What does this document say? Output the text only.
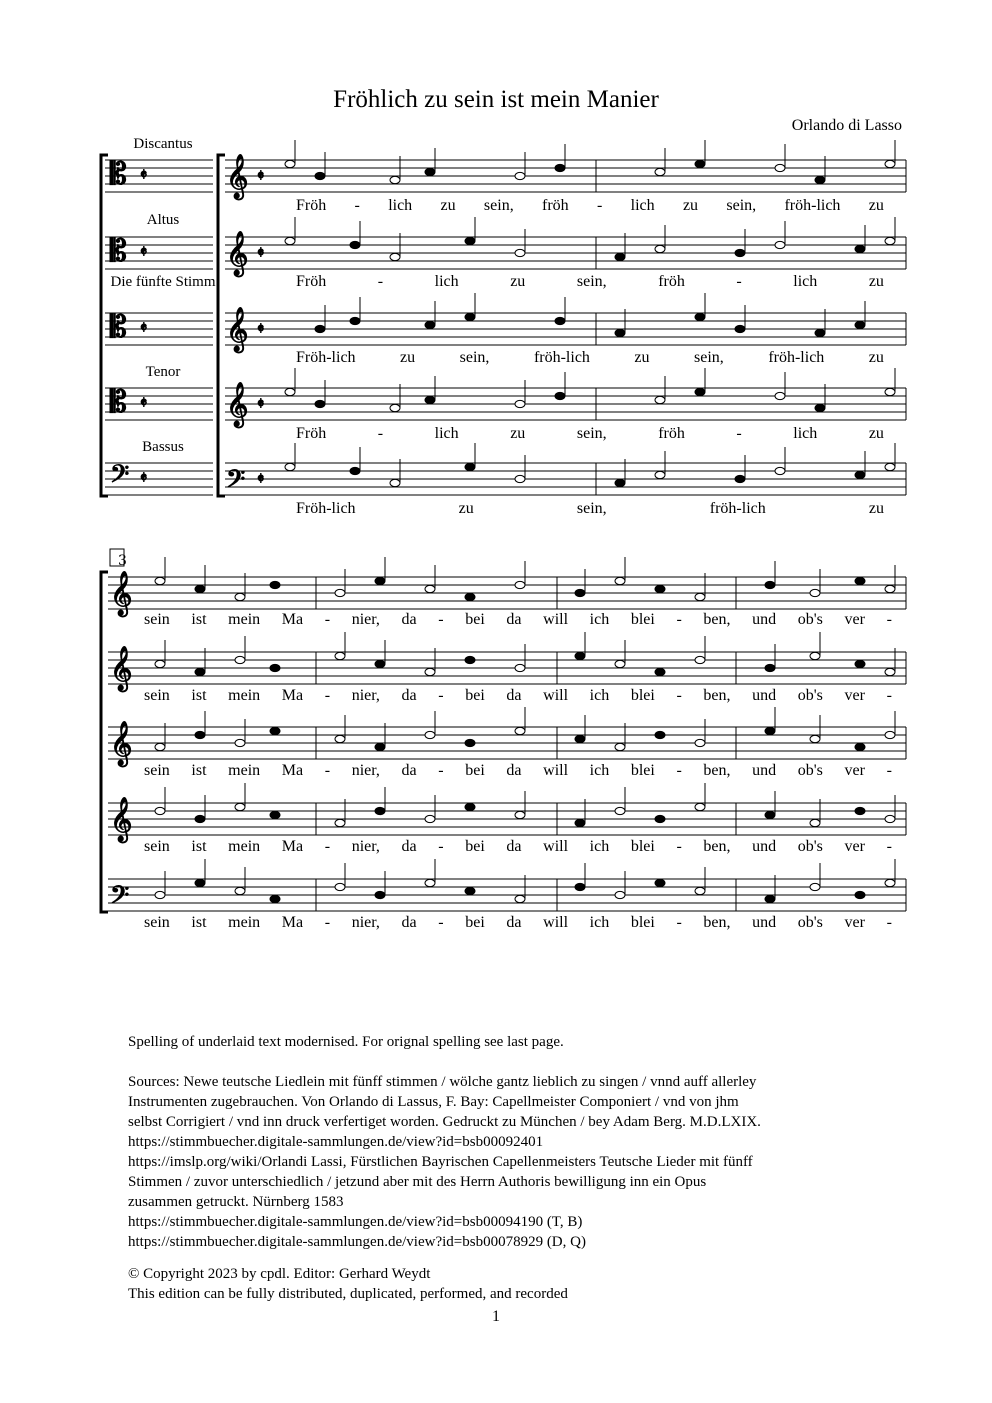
Fröhlich zu sein ist mein Manier
Orlando di Lasso
Discantus
Altus
Die fünfte Stimm
Tenor
Bassus
𝄡 𝄵
𝄡 𝄵
𝄡 𝄵
𝄡 𝄵
𝄢 𝄵
𝄞 𝄵
𝄞 𝄵
𝄞 𝄵
𝄞 𝄵
𝄢 𝄵
𝄞
𝄞
𝄞
𝄞
𝄢
3
Fröh - lich zu sein, fröh - lich zu sein, fröh-lich zu
Fröh	-	lich	zu	sein,	fröh	-	lich	zu
Fröh-lich	zu	sein,	fröh-lich	zu	sein,	fröh-lich	zu
Fröh	-	lich	zu	sein,	fröh	-	lich	zu
Fröh-lich	zu	sein,	fröh-lich	zu
sein ist mein Ma - nier, da - bei da will ich blei - ben, und ob's ver -
sein ist mein Ma - nier, da - bei da will ich blei - ben, und ob's ver -
sein ist mein Ma - nier, da - bei da will ich blei - ben, und ob's ver -
sein ist mein Ma - nier, da - bei da will ich blei - ben, und ob's ver -
sein ist mein Ma - nier, da - bei da will ich blei - ben, und ob's ver -

Spelling of underlaid text modernised. For orignal spelling see last page.

Sources: Newe teutsche Liedlein mit fünff stimmen / wölche gantz lieblich zu singen / vnnd auff allerley

Instrumenten zugebrauchen. Von Orlando di Lassus, F. Bay: Capellmeister Componiert / vnd von jhm

selbst Corrigiert / vnd inn druck verfertiget worden. Gedruckt zu München / bey Adam Berg. M.D.LXIX.

https://stimmbuecher.digitale-sammlungen.de/view?id=bsb00092401

https://imslp.org/wiki/Orlandi Lassi, Fürstlichen Bayrischen Capellenmeisters Teutsche Lieder mit fünff

Stimmen / zuvor unterschiedlich / jetzund aber mit des Herrn Authoris bewilligung inn ein Opus

zusammen getruckt. Nürnberg 1583

https://stimmbuecher.digitale-sammlungen.de/view?id=bsb00094190 (T, B)

https://stimmbuecher.digitale-sammlungen.de/view?id=bsb00078929 (D, Q)

© Copyright 2023 by cpdl. Editor: Gerhard Weydt

This edition can be fully distributed, duplicated, performed, and recorded

1
